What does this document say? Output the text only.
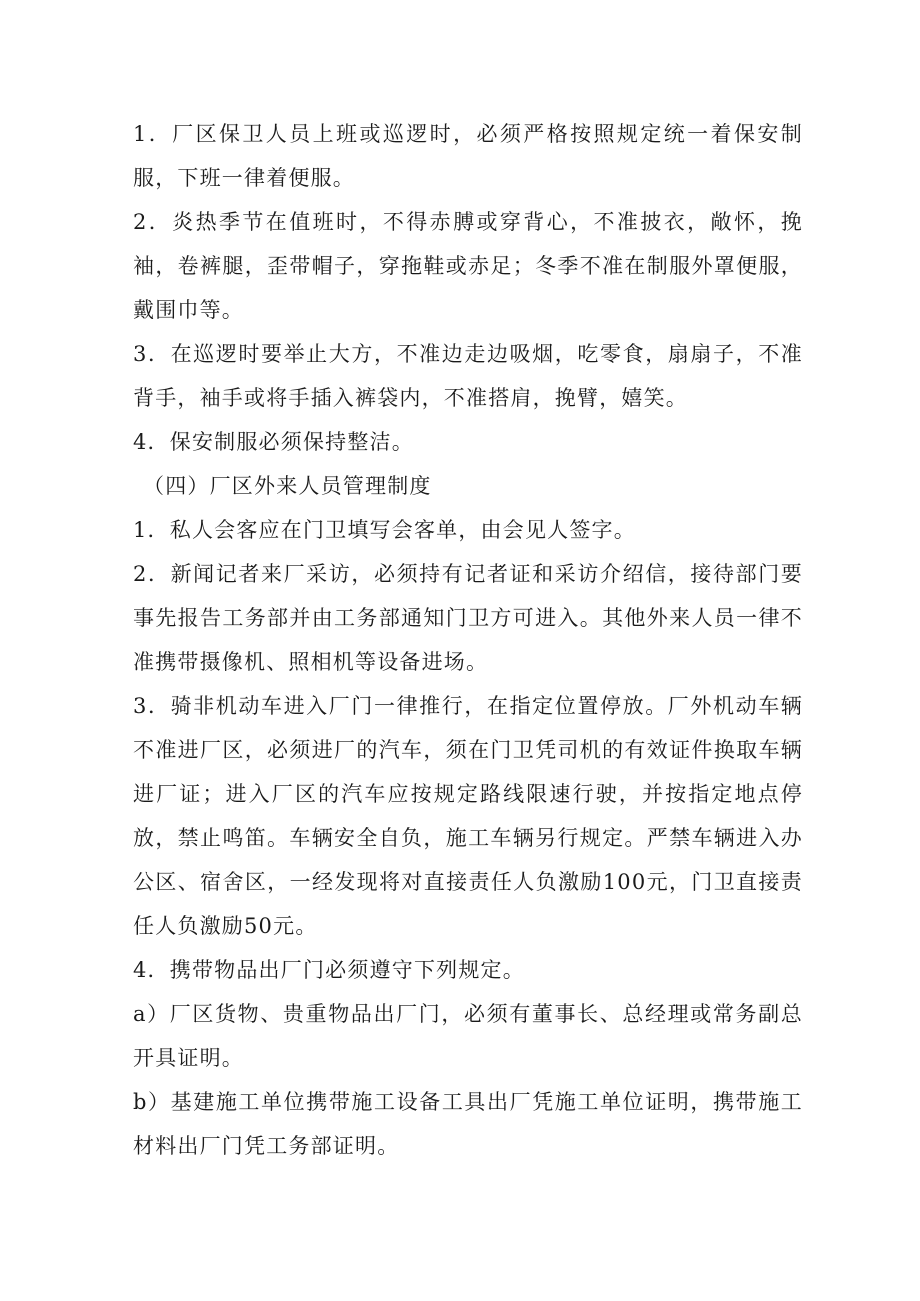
1．厂区保卫人员上班或巡逻时，必须严格按照规定统一着保安制服，下班一律着便服。

2．炎热季节在值班时，不得赤膊或穿背心，不准披衣，敞怀，挽袖，卷裤腿，歪带帽子，穿拖鞋或赤足；冬季不准在制服外罩便服，戴围巾等。

3．在巡逻时要举止大方，不准边走边吸烟，吃零食，扇扇子，不准背手，袖手或将手插入裤袋内，不准搭肩，挽臂，嬉笑。

4．保安制服必须保持整洁。

（四）厂区外来人员管理制度

1．私人会客应在门卫填写会客单，由会见人签字。

2．新闻记者来厂采访，必须持有记者证和采访介绍信，接待部门要事先报告工务部并由工务部通知门卫方可进入。其他外来人员一律不准携带摄像机、照相机等设备进场。

3．骑非机动车进入厂门一律推行，在指定位置停放。厂外机动车辆不准进厂区，必须进厂的汽车，须在门卫凭司机的有效证件换取车辆进厂证；进入厂区的汽车应按规定路线限速行驶，并按指定地点停放，禁止鸣笛。车辆安全自负，施工车辆另行规定。严禁车辆进入办公区、宿舍区，一经发现将对直接责任人负激励100元，门卫直接责任人负激励50元。

4．携带物品出厂门必须遵守下列规定。

a）厂区货物、贵重物品出厂门，必须有董事长、总经理或常务副总开具证明。

b）基建施工单位携带施工设备工具出厂凭施工单位证明，携带施工材料出厂门凭工务部证明。
